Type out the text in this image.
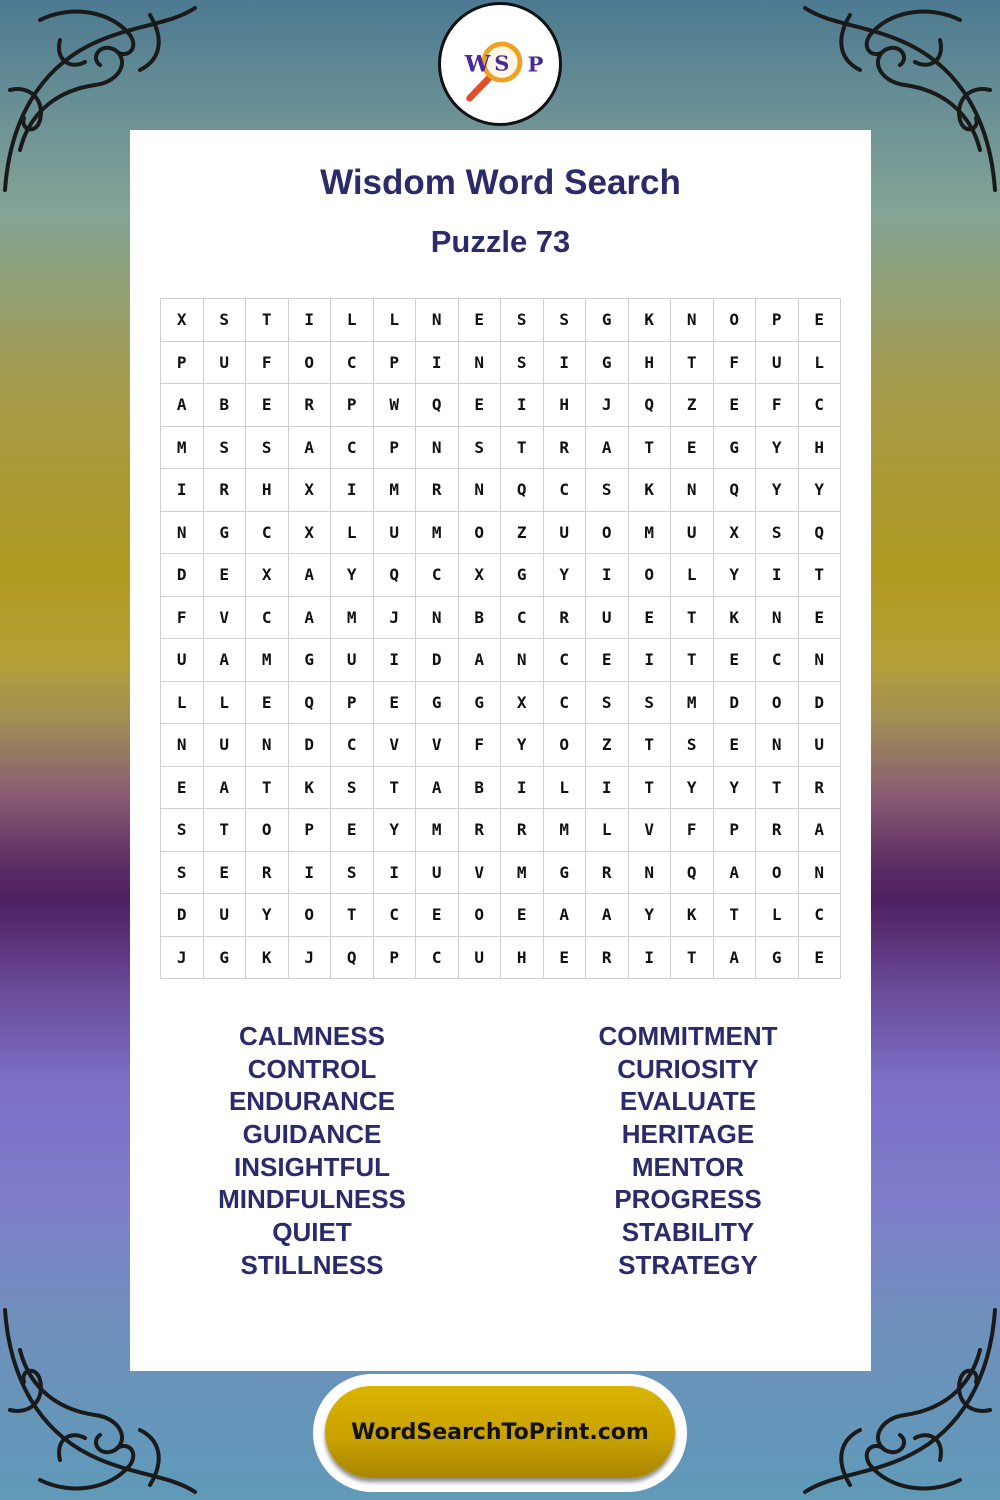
W S P
Wisdom Word Search
Puzzle 73
X	S	T	I	L	L	N	E	S	S	G	K	N	O	P	E
P	U	F	O	C	P	I	N	S	I	G	H	T	F	U	L
A	B	E	R	P	W	Q	E	I	H	J	Q	Z	E	F	C
M	S	S	A	C	P	N	S	T	R	A	T	E	G	Y	H
I	R	H	X	I	M	R	N	Q	C	S	K	N	Q	Y	Y
N	G	C	X	L	U	M	O	Z	U	O	M	U	X	S	Q
D	E	X	A	Y	Q	C	X	G	Y	I	O	L	Y	I	T
F	V	C	A	M	J	N	B	C	R	U	E	T	K	N	E
U	A	M	G	U	I	D	A	N	C	E	I	T	E	C	N
L	L	E	Q	P	E	G	G	X	C	S	S	M	D	O	D
N	U	N	D	C	V	V	F	Y	O	Z	T	S	E	N	U
E	A	T	K	S	T	A	B	I	L	I	T	Y	Y	T	R
S	T	O	P	E	Y	M	R	R	M	L	V	F	P	R	A
S	E	R	I	S	I	U	V	M	G	R	N	Q	A	O	N
D	U	Y	O	T	C	E	O	E	A	A	Y	K	T	L	C
J	G	K	J	Q	P	C	U	H	E	R	I	T	A	G	E
CALMNESS
CONTROL
ENDURANCE
GUIDANCE
INSIGHTFUL
MINDFULNESS
QUIET
STILLNESS
COMMITMENT
CURIOSITY
EVALUATE
HERITAGE
MENTOR
PROGRESS
STABILITY
STRATEGY
WordSearchToPrint.com
